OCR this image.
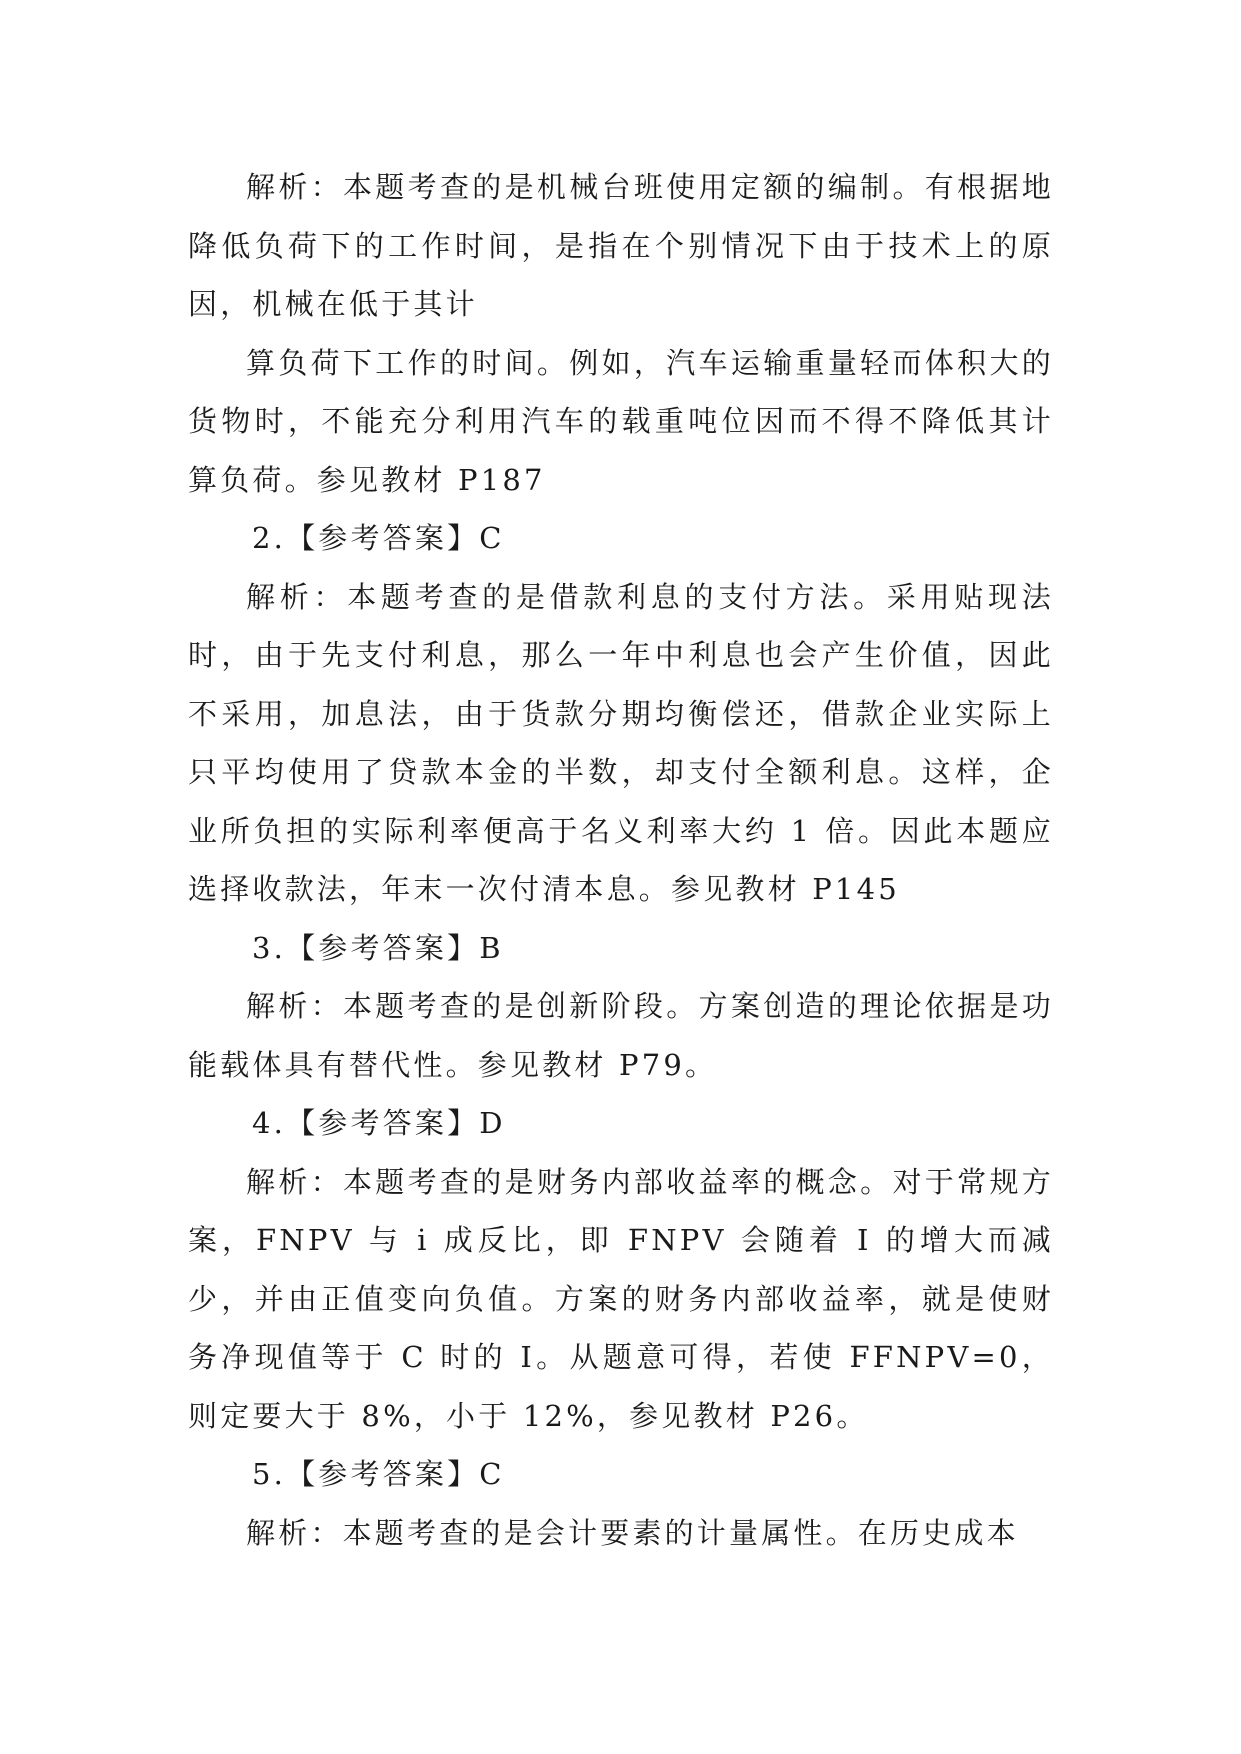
解析：本题考查的是机械台班使用定额的编制。有根据地降低负荷下的工作时间，是指在个别情况下由于技术上的原因，机械在低于其计

算负荷下工作的时间。例如，汽车运输重量轻而体积大的货物时，不能充分利用汽车的载重吨位因而不得不降低其计算负荷。参见教材 P187

2.【参考答案】C

解析：本题考查的是借款利息的支付方法。采用贴现法时，由于先支付利息，那么一年中利息也会产生价值，因此不采用，加息法，由于货款分期均衡偿还，借款企业实际上只平均使用了贷款本金的半数，却支付全额利息。这样，企业所负担的实际利率便高于名义利率大约 1 倍。因此本题应选择收款法，年末一次付清本息。参见教材 P145

3.【参考答案】B

解析：本题考查的是创新阶段。方案创造的理论依据是功能载体具有替代性。参见教材 P79。

4.【参考答案】D

解析：本题考查的是财务内部收益率的概念。对于常规方案，FNPV 与 i 成反比，即 FNPV 会随着 I 的增大而减少，并由正值变向负值。方案的财务内部收益率，就是使财务净现值等于 C 时的 I。从题意可得，若使 FFNPV=0，则定要大于 8%，小于 12%，参见教材 P26。

5.【参考答案】C

解析：本题考查的是会计要素的计量属性。在历史成本
